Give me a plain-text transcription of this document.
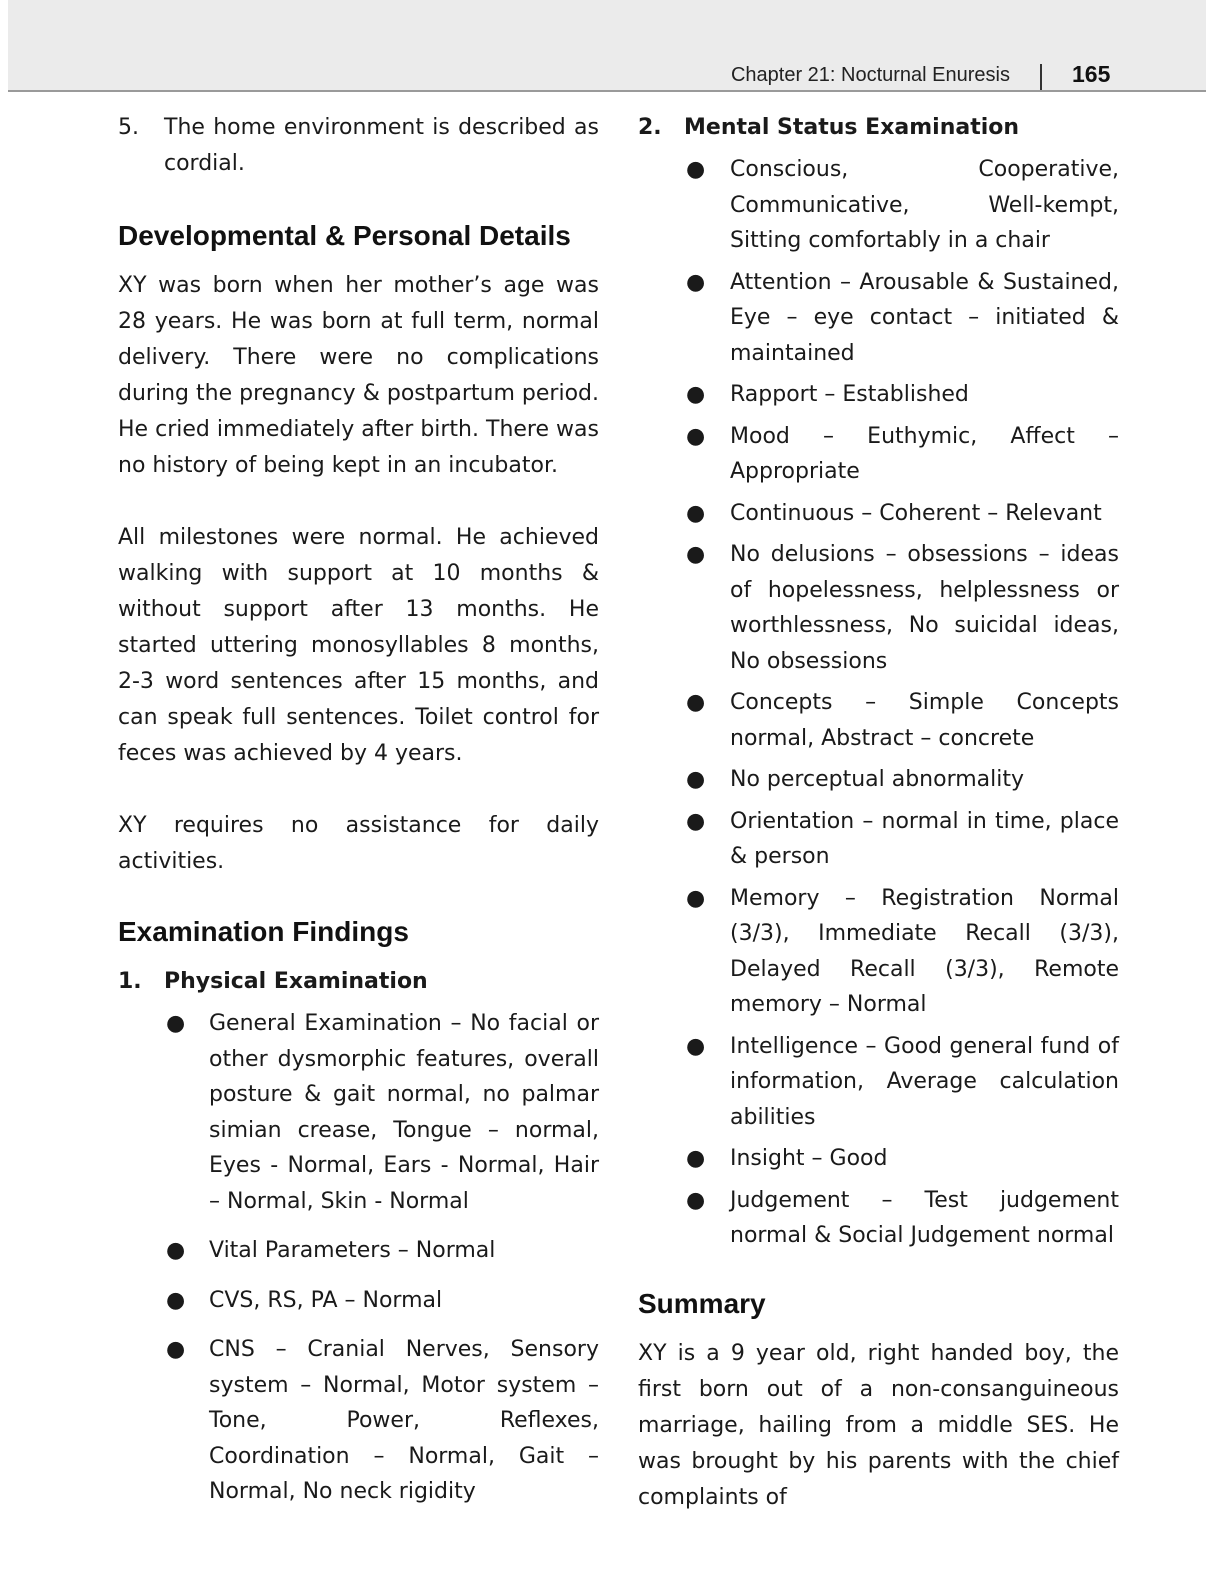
Chapter 21: Nocturnal Enuresis	165
5.	The home environment is described as cordial.

Developmental & Personal Details

XY was born when her mother’s age was 28 years. He was born at full term, normal delivery. There were no complications during the pregnancy & postpartum period. He cried immediately after birth. There was no history of being kept in an incubator.

All milestones were normal. He achieved walking with support at 10 months & without support after 13 months. He started uttering monosyllables 8 months, 2-3 word sentences after 15 months, and can speak full sentences. Toilet control for feces was achieved by 4 years.

XY requires no assistance for daily activities.

Examination Findings
1.	Physical Examination
● General Examination – No facial or other dysmorphic features, overall posture & gait normal, no palmar simian crease, Tongue – normal, Eyes - Normal, Ears - Normal, Hair – Normal, Skin - Normal
● Vital Parameters – Normal
● CVS, RS, PA – Normal
● CNS – Cranial Nerves, Sensory system – Normal, Motor system – Tone, Power, Reflexes, Coordination – Normal, Gait – Normal, No neck rigidity
2.	Mental Status Examination
● Conscious, Cooperative, Communicative, Well-kempt, Sitting comfortably in a chair
● Attention – Arousable & Sustained, Eye – eye contact – initiated & maintained
● Rapport – Established
● Mood – Euthymic, Affect – Appropriate
● Continuous – Coherent – Relevant
● No delusions – obsessions – ideas of hopelessness, helplessness or worthlessness, No suicidal ideas, No obsessions
● Concepts – Simple Concepts normal, Abstract – concrete
● No perceptual abnormality
● Orientation – normal in time, place & person
● Memory – Registration Normal (3/3), Immediate Recall (3/3), Delayed Recall (3/3), Remote memory – Normal
● Intelligence – Good general fund of information, Average calculation abilities
● Insight – Good
● Judgement – Test judgement normal & Social Judgement normal
Summary

XY is a 9 year old, right handed boy, the first born out of a non-consanguineous marriage, hailing from a middle SES. He was brought by his parents with the chief complaints of
